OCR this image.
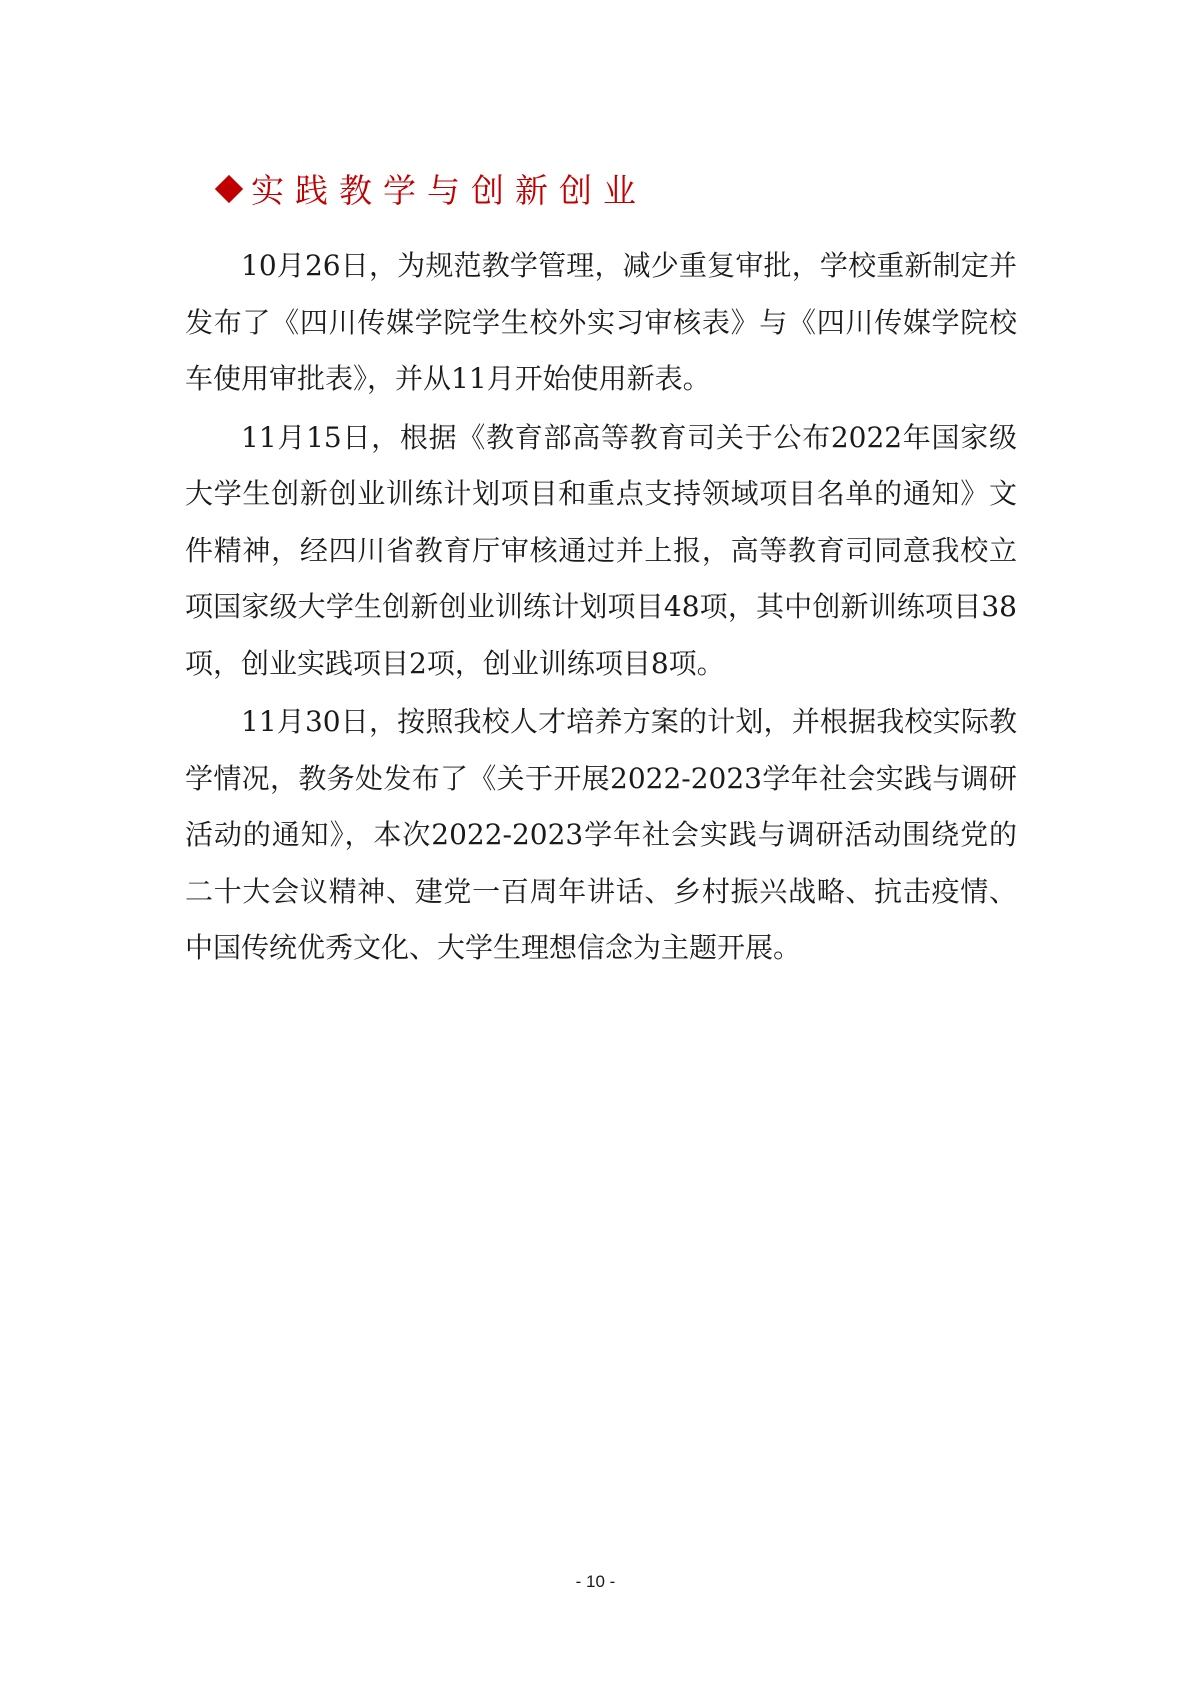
实践教学与创新创业

10月26日，为规范教学管理，减少重复审批，学校重新制定并发布了《四川传媒学院学生校外实习审核表》与《四川传媒学院校车使用审批表》，并从11月开始使用新表。

11月15日，根据《教育部高等教育司关于公布2022年国家级大学生创新创业训练计划项目和重点支持领域项目名单的通知》文件精神，经四川省教育厅审核通过并上报，高等教育司同意我校立项国家级大学生创新创业训练计划项目48项，其中创新训练项目38项，创业实践项目2项，创业训练项目8项。

11月30日，按照我校人才培养方案的计划，并根据我校实际教学情况，教务处发布了《关于开展2022-2023学年社会实践与调研活动的通知》，本次2022-2023学年社会实践与调研活动围绕党的二十大会议精神、建党一百周年讲话、乡村振兴战略、抗击疫情、中国传统优秀文化、大学生理想信念为主题开展。

- 10 -
